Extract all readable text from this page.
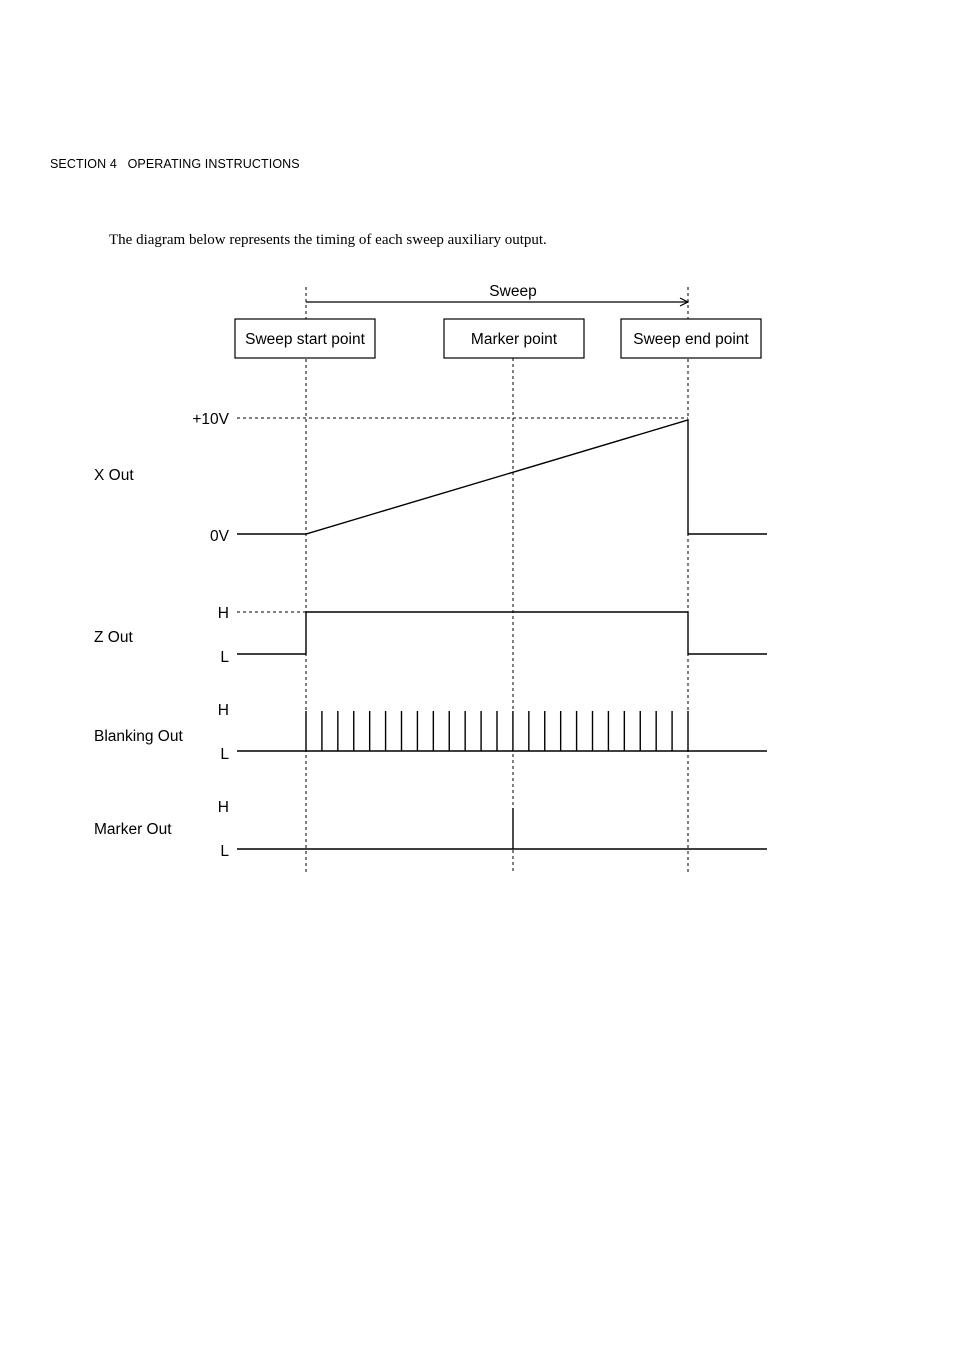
SECTION 4   OPERATING INSTRUCTIONS
The diagram below represents the timing of each sweep auxiliary output.
Sweep
Sweep start point	Marker point	Sweep end point
X Out
+10V
0V
Z Out
H
L
Blanking Out
H
L
Marker Out
H
L
